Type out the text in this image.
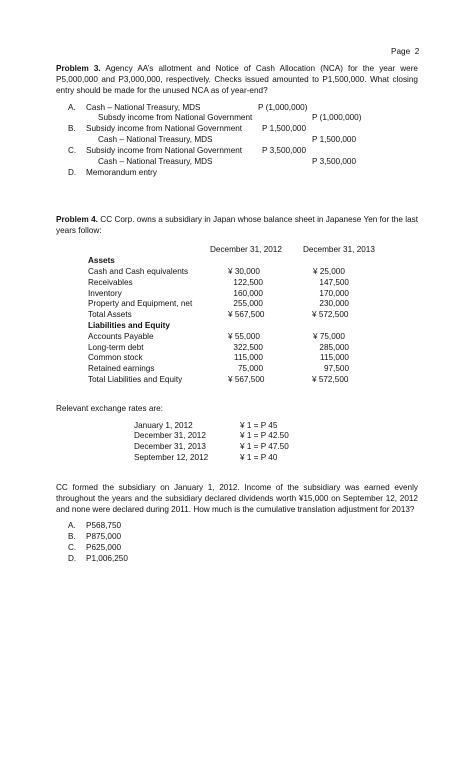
Page 2
Problem 3. Agency AA’s allotment and Notice of Cash Allocation (NCA) for the year were P5,000,000 and P3,000,000, respectively. Checks issued amounted to P1,500,000. What closing entry should be made for the unused NCA as of year-end?
A. Cash – National Treasury, MDS	P (1,000,000)
Subsdy income from National Government	P (1,000,000)
B. Subsidy income from National Government P 1,500,000
Cash – National Treasury, MDS	P 1,500,000
C. Subsidy income from National Government P 3,500,000
Cash – National Treasury, MDS	P 3,500,000
D. Memorandum entry
Problem 4. CC Corp. owns a subsidiary in Japan whose balance sheet in Japanese Yen for the last years follow:
December 31, 2012	December 31, 2013
Assets
Cash and Cash equivalents	¥ 30,000	¥ 25,000
Receivables	122,500	147,500
Inventory	160,000	170,000
Property and Equipment, net	255,000	230,000
Total Assets	¥ 567,500	¥ 572,500
Liabilities and Equity
Accounts Payable	¥ 55,000	¥ 75,000
Long-term debt	322,500	285,000
Common stock	115,000	115,000
Retained earnings	75,000	97,500
Total Liabilities and Equity	¥ 567,500	¥ 572,500
Relevant exchange rates are:
January 1, 2012	¥ 1 = P 45
December 31, 2012	¥ 1 = P 42.50
December 31, 2013	¥ 1 = P 47.50
September 12, 2012	¥ 1 = P 40
CC formed the subsidiary on January 1, 2012. Income of the subsidiary was earned evenly throughout the years and the subsidiary declared dividends worth ¥15,000 on September 12, 2012 and none were declared during 2011. How much is the cumulative translation adjustment for 2013?
A. P568,750
B. P875,000
C. P625,000
D. P1,006,250
